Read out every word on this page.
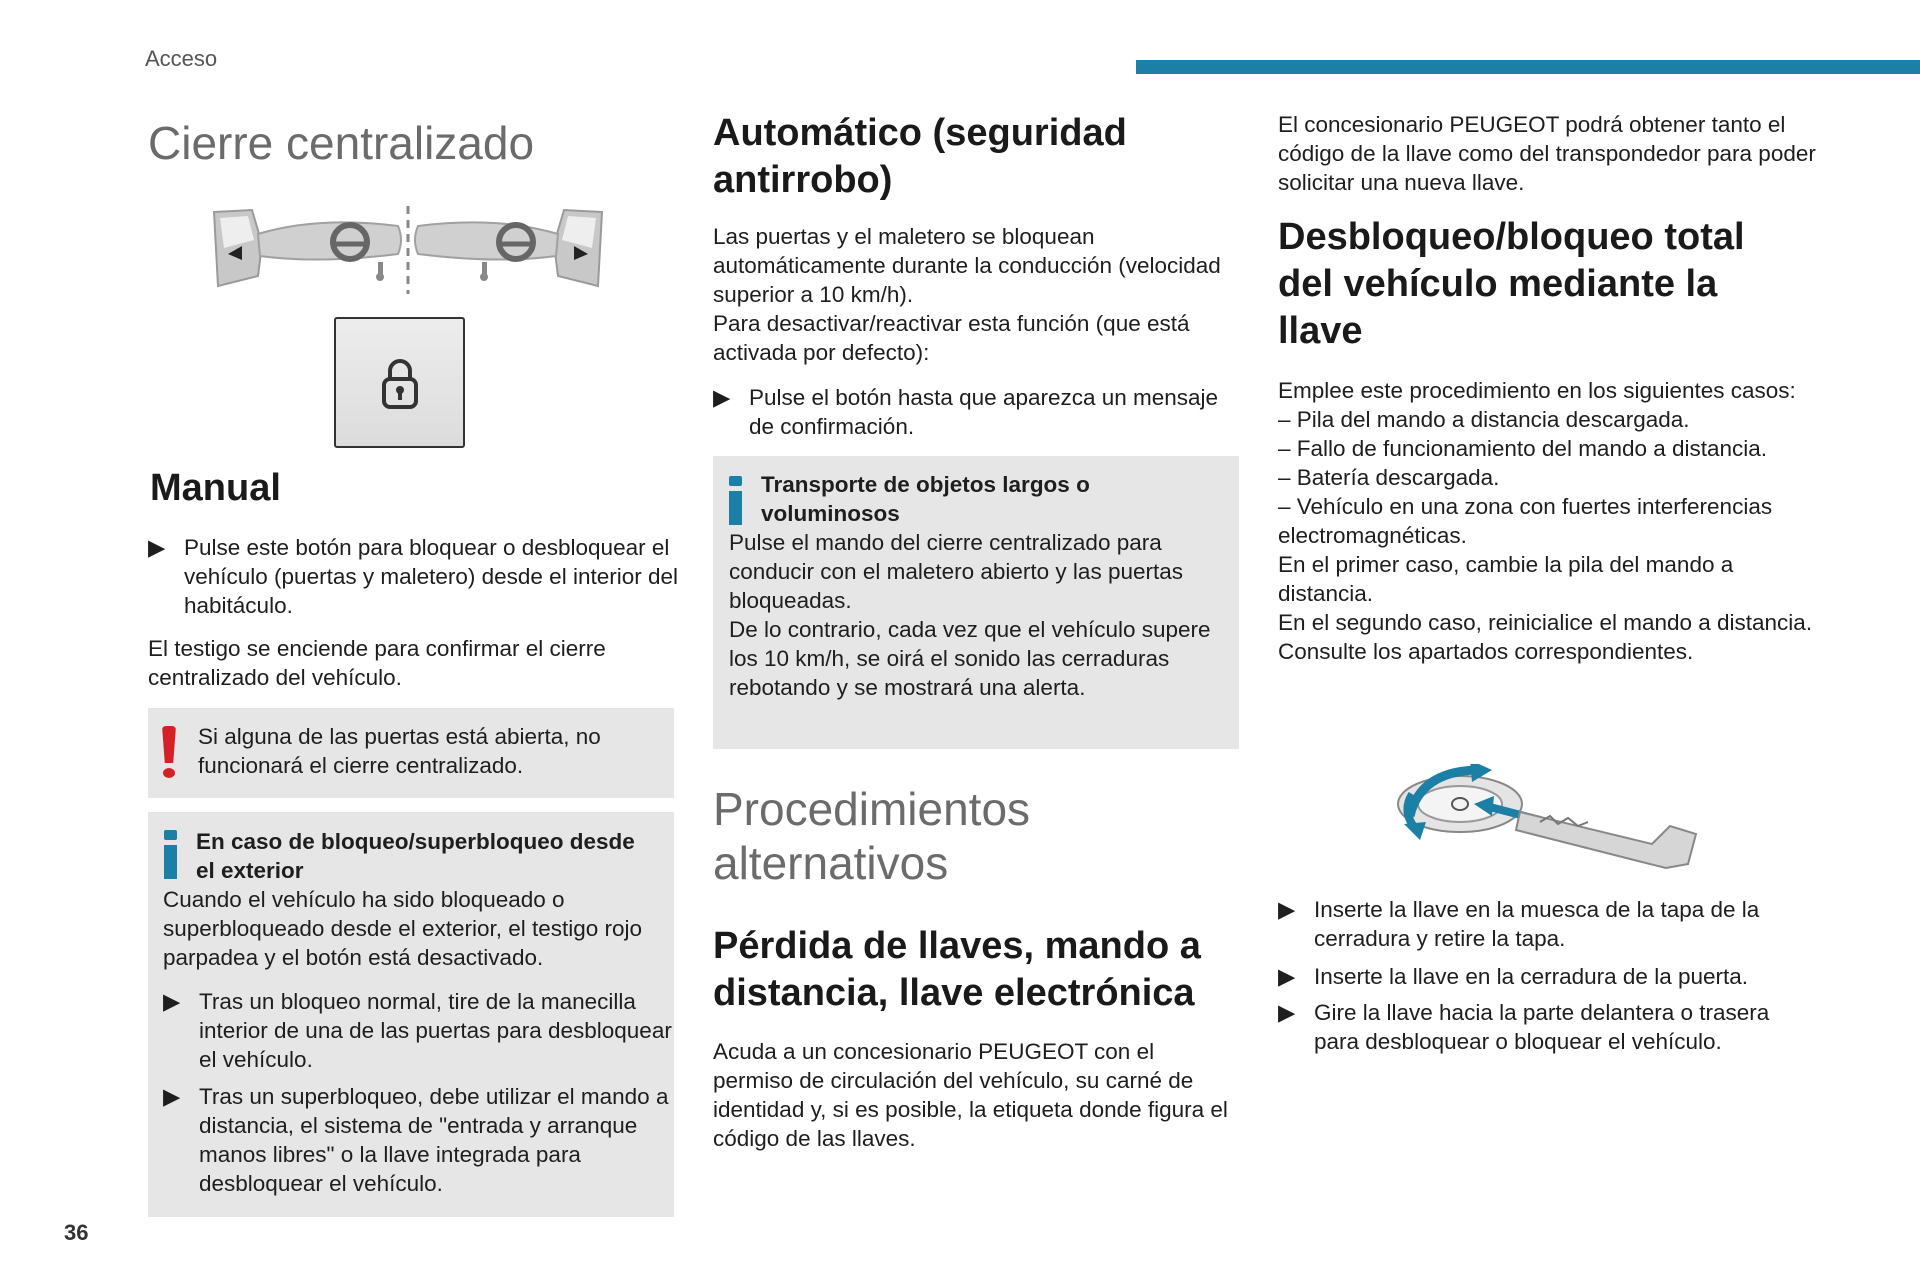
Acceso
36
Cierre centralizado
Manual
▶ Pulse este botón para bloquear o desbloquear el vehículo (puertas y maletero) desde el interior del habitáculo.

El testigo se enciende para confirmar el cierre centralizado del vehículo.

Si alguna de las puertas está abierta, no funcionará el cierre centralizado.

En caso de bloqueo/superbloqueo desde el exterior

Cuando el vehículo ha sido bloqueado o superbloqueado desde el exterior, el testigo rojo parpadea y el botón está desactivado.

▶ Tras un bloqueo normal, tire de la manecilla interior de una de las puertas para desbloquear el vehículo.
▶ Tras un superbloqueo, debe utilizar el mando a distancia, el sistema de "entrada y arranque manos libres" o la llave integrada para desbloquear el vehículo.
Automático (seguridad antirrobo)

Las puertas y el maletero se bloquean automáticamente durante la conducción (velocidad superior a 10 km/h).

Para desactivar/reactivar esta función (que está activada por defecto):

▶ Pulse el botón hasta que aparezca un mensaje de confirmación.
Transporte de objetos largos o voluminosos

Pulse el mando del cierre centralizado para conducir con el maletero abierto y las puertas bloqueadas.

De lo contrario, cada vez que el vehículo supere los 10 km/h, se oirá el sonido las cerraduras rebotando y se mostrará una alerta.

Procedimientos alternativos
Pérdida de llaves, mando a distancia, llave electrónica

Acuda a un concesionario PEUGEOT con el permiso de circulación del vehículo, su carné de identidad y, si es posible, la etiqueta donde figura el código de las llaves.

El concesionario PEUGEOT podrá obtener tanto el código de la llave como del transpondedor para poder solicitar una nueva llave.

Desbloqueo/bloqueo total del vehículo mediante la llave

Emplee este procedimiento en los siguientes casos:

– Pila del mando a distancia descargada.

– Fallo de funcionamiento del mando a distancia.

– Batería descargada.

– Vehículo en una zona con fuertes interferencias electromagnéticas.

En el primer caso, cambie la pila del mando a distancia.

En el segundo caso, reinicialice el mando a distancia.

Consulte los apartados correspondientes.

▶ Inserte la llave en la muesca de la tapa de la cerradura y retire la tapa.
▶ Inserte la llave en la cerradura de la puerta.
▶ Gire la llave hacia la parte delantera o trasera para desbloquear o bloquear el vehículo.
